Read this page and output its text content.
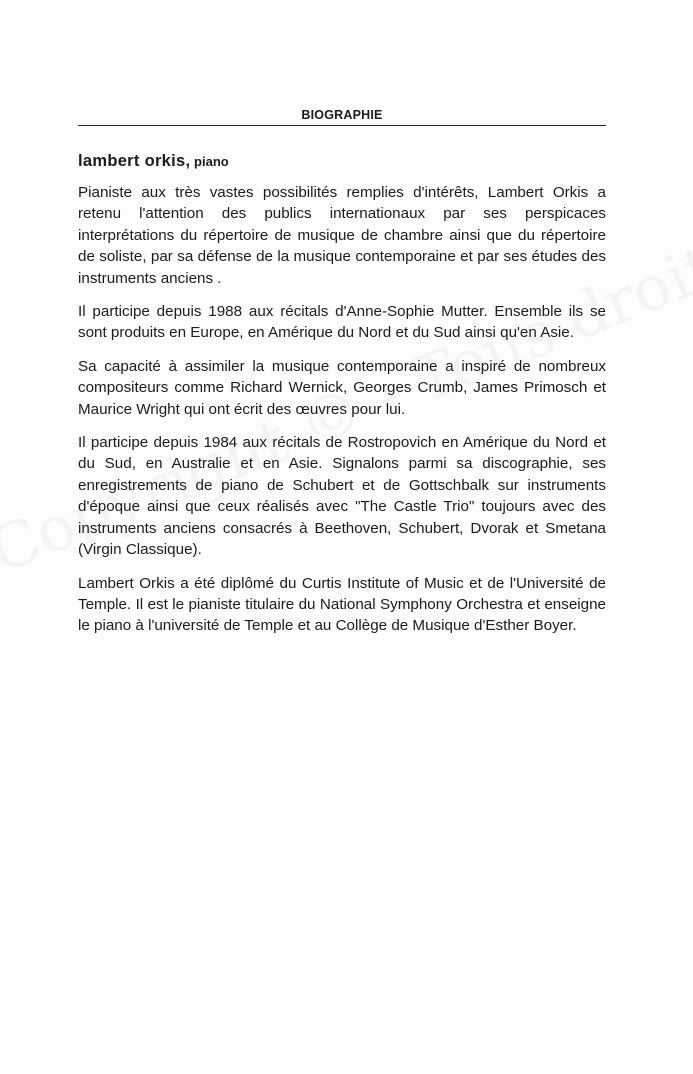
BIOGRAPHIE
lambert orkis, piano

Pianiste aux très vastes possibilités remplies d'intérêts, Lambert Orkis a retenu l'attention des publics internationaux par ses perspicaces interprétations du répertoire de musique de chambre ainsi que du répertoire de soliste, par sa défense de la musique contemporaine et par ses études des instruments anciens .

Il participe depuis 1988 aux récitals d'Anne-Sophie Mutter. Ensemble ils se sont produits en Europe, en Amérique du Nord et du Sud ainsi qu'en Asie.

Sa capacité à assimiler la musique contemporaine a inspiré de nombreux compositeurs comme Richard Wernick, Georges Crumb, James Primosch et Maurice Wright qui ont écrit des œuvres pour lui.

Il participe depuis 1984 aux récitals de Rostropovich en Amérique du Nord et du Sud, en Australie et en Asie. Signalons parmi sa discographie, ses enregistrements de piano de Schubert et de Gottschbalk sur instruments d'époque ainsi que ceux réalisés avec "The Castle Trio" toujours avec des instruments anciens consacrés à Beethoven, Schubert, Dvorak et Smetana (Virgin Classique).

Lambert Orkis a été diplômé du Curtis Institute of Music et de l'Université de Temple. Il est le pianiste titulaire du National Symphony Orchestra et enseigne le piano à l'université de Temple et au Collège de Musique d'Esther Boyer.
